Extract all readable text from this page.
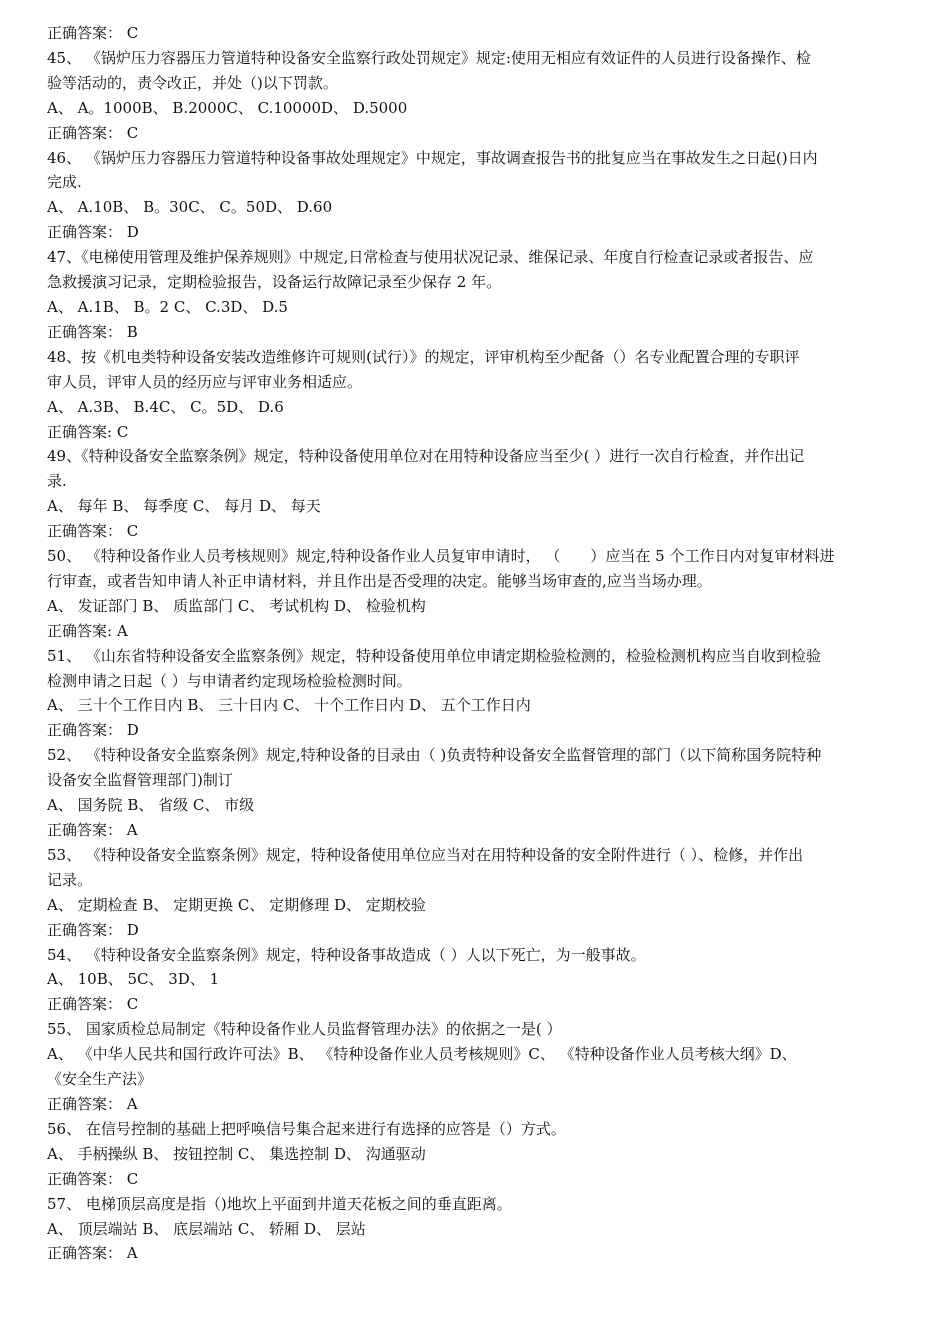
正确答案： C
45、 《锅炉压力容器压力管道特种设备安全监察行政处罚规定》规定:使用无相应有效证件的人员进行设备操作、检
验等活动的，责令改正，并处（)以下罚款。
A、 A。1000B、 B.2000C、 C.10000D、 D.5000
正确答案： C
46、 《锅炉压力容器压力管道特种设备事故处理规定》中规定，事故调查报告书的批复应当在事故发生之日起()日内
完成.
A、 A.10B、 B。30C、 C。50D、 D.60
正确答案： D
47、《电梯使用管理及维护保养规则》中规定,日常检查与使用状况记录、维保记录、年度自行检查记录或者报告、应
急救援演习记录，定期检验报告，设备运行故障记录至少保存 2 年。
A、 A.1B、 B。2 C、 C.3D、 D.5
正确答案： B
48、按《机电类特种设备安装改造维修许可规则(试行）》的规定，评审机构至少配备（）名专业配置合理的专职评
审人员，评审人员的经历应与评审业务相适应。
A、 A.3B、 B.4C、 C。5D、 D.6
正确答案: C
49、《特种设备安全监察条例》规定，特种设备使用单位对在用特种设备应当至少( ）进行一次自行检查，并作出记
录.
A、 每年 B、 每季度 C、 每月 D、 每天
正确答案： C
50、 《特种设备作业人员考核规则》规定,特种设备作业人员复审申请时， （　　）应当在 5 个工作日内对复审材料进
行审查，或者告知申请人补正申请材料，并且作出是否受理的决定。能够当场审查的,应当当场办理。
A、 发证部门 B、 质监部门 C、 考试机构 D、 检验机构
正确答案: A
51、 《山东省特种设备安全监察条例》规定，特种设备使用单位申请定期检验检测的，检验检测机构应当自收到检验
检测申请之日起（ ）与申请者约定现场检验检测时间。
A、 三十个工作日内 B、 三十日内 C、 十个工作日内 D、 五个工作日内
正确答案： D
52、 《特种设备安全监察条例》规定,特种设备的目录由（ )负责特种设备安全监督管理的部门（以下简称国务院特种
设备安全监督管理部门)制订
A、 国务院 B、 省级 C、 市级
正确答案： A
53、 《特种设备安全监察条例》规定，特种设备使用单位应当对在用特种设备的安全附件进行（ ）、检修，并作出
记录。
A、 定期检查 B、 定期更换 C、 定期修理 D、 定期校验
正确答案： D
54、 《特种设备安全监察条例》规定，特种设备事故造成（ ）人以下死亡，为一般事故。
A、 10B、 5C、 3D、 1
正确答案： C
55、 国家质检总局制定《特种设备作业人员监督管理办法》的依据之一是( ）
A、 《中华人民共和国行政许可法》B、 《特种设备作业人员考核规则》C、 《特种设备作业人员考核大纲》D、
《安全生产法》
正确答案： A
56、 在信号控制的基础上把呼唤信号集合起来进行有选择的应答是（）方式。
A、 手柄操纵 B、 按钮控制 C、 集选控制 D、 沟通驱动
正确答案： C
57、 电梯顶层高度是指（)地坎上平面到井道天花板之间的垂直距离。
A、 顶层端站 B、 底层端站 C、 轿厢 D、 层站
正确答案： A
